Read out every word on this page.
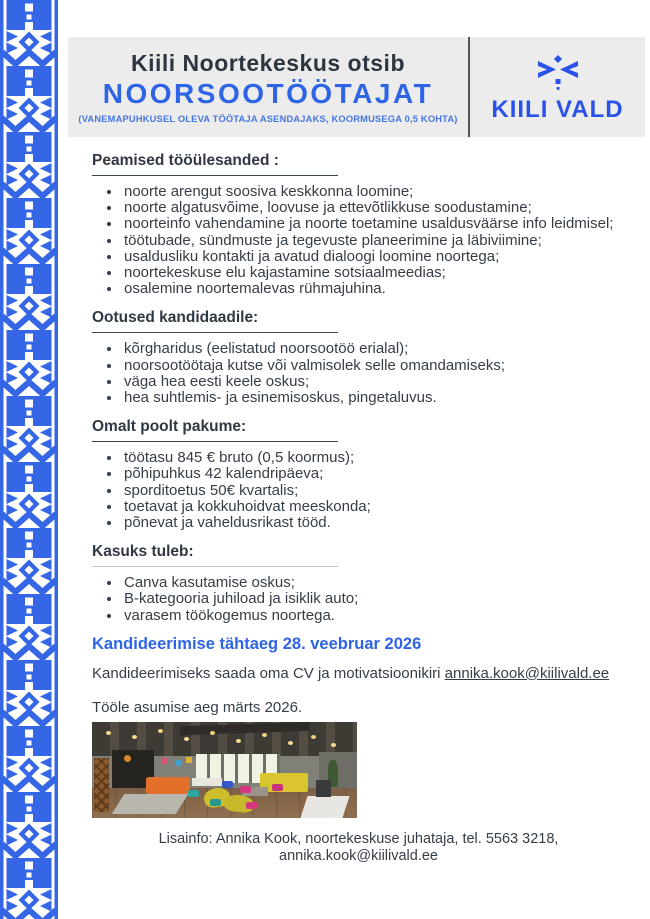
Kiili Noortekeskus otsib
NOORSOOTÖÖTAJAT
(VANEMAPUHKUSEL OLEVA TÖÖTAJA ASENDAJAKS, KOORMUSEGA 0,5 KOHTA)	KIILI VALD
Peamised tööülesanded :
• noorte arengut soosiva keskkonna loomine;
• noorte algatusvõime, loovuse ja ettevõtlikkuse soodustamine;
• noorteinfo vahendamine ja noorte toetamine usaldusväärse info leidmisel;
• töötubade, sündmuste ja tegevuste planeerimine ja läbiviimine;
• usaldusliku kontakti ja avatud dialoogi loomine noortega;
• noortekeskuse elu kajastamine sotsiaalmeedias;
• osalemine noortemalevas rühmajuhina.
Ootused kandidaadile:
• kõrgharidus (eelistatud noorsootöö erialal);
• noorsootöötaja kutse või valmisolek selle omandamiseks;
• väga hea eesti keele oskus;
• hea suhtlemis- ja esinemisoskus, pingetaluvus.
Omalt poolt pakume:
• töötasu 845 € bruto (0,5 koormus);
• põhipuhkus 42 kalendripäeva;
• sporditoetus 50€ kvartalis;
• toetavat ja kokkuhoidvat meeskonda;
• põnevat ja vaheldusrikast tööd.
Kasuks tuleb:
• Canva kasutamise oskus;
• B-kategooria juhiload ja isiklik auto;
• varasem töökogemus noortega.
Kandideerimise tähtaeg 28. veebruar 2026

Kandideerimiseks saada oma CV ja motivatsioonikiri annika.kook@kiilivald.ee

Tööle asumise aeg märts 2026.
Lisainfo: Annika Kook, noortekeskuse juhataja, tel. 5563 3218,
annika.kook@kiilivald.ee
